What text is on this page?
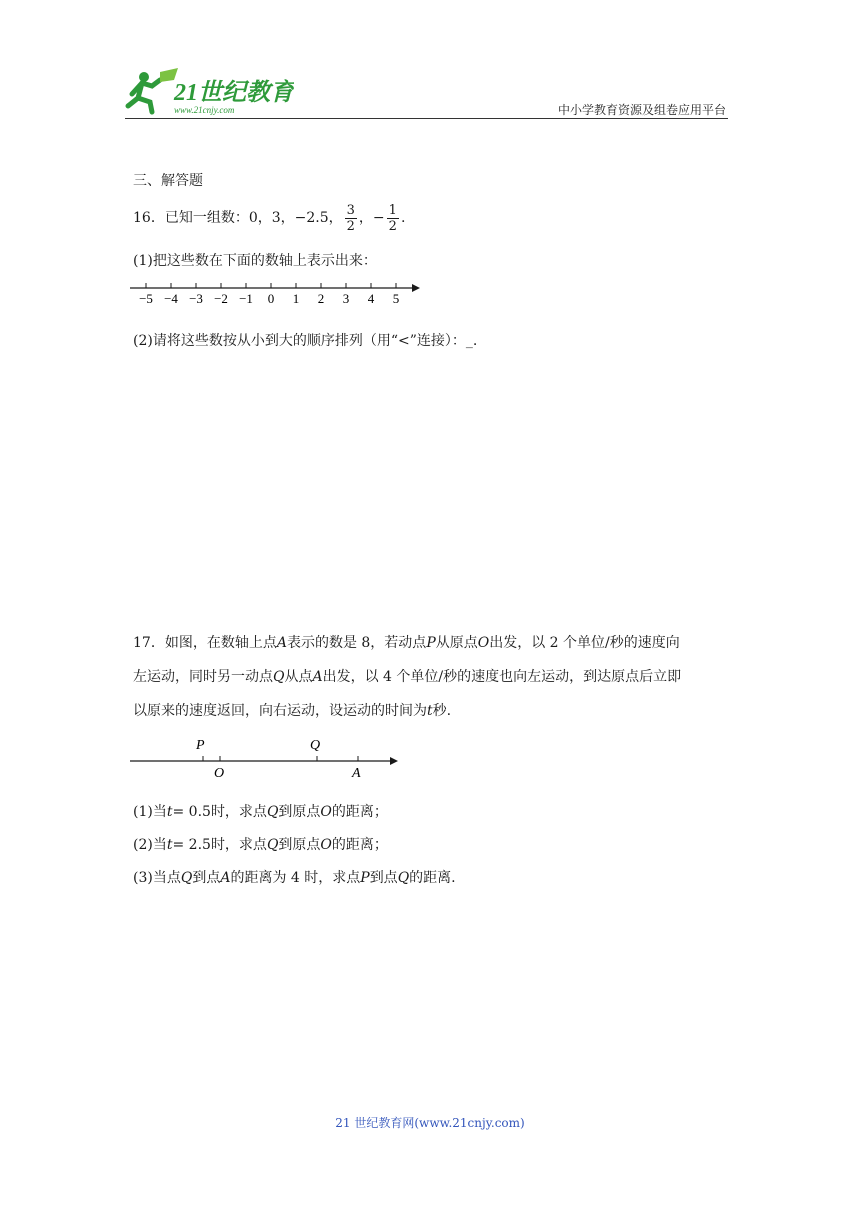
21世纪教育
www.21cnjy.com	中小学教育资源及组卷应用平台
三、解答题
16．已知一组数：0，3，−2.5， $\frac{3}{2}$ ，− $\frac{1}{2}$ .
(1)把这些数在下面的数轴上表示出来：
−5 −4 −3 −2 −1 0 1 2 3 4 5
(2)请将这些数按从小到大的顺序排列（用“<”连接）：_.
17．如图，在数轴上点A表示的数是 8，若动点P从原点O出发，以 2 个单位/秒的速度向
左运动，同时另一动点Q从点A出发，以 4 个单位/秒的速度也向左运动，到达原点后立即
以原来的速度返回，向右运动，设运动的时间为t秒.
P	Q
O	A
(1)当t= 0.5时，求点Q到原点O的距离；
(2)当t= 2.5时，求点Q到原点O的距离；
(3)当点Q到点A的距离为 4 时，求点P到点Q的距离.
21 世纪教育网(www.21cnjy.com)
